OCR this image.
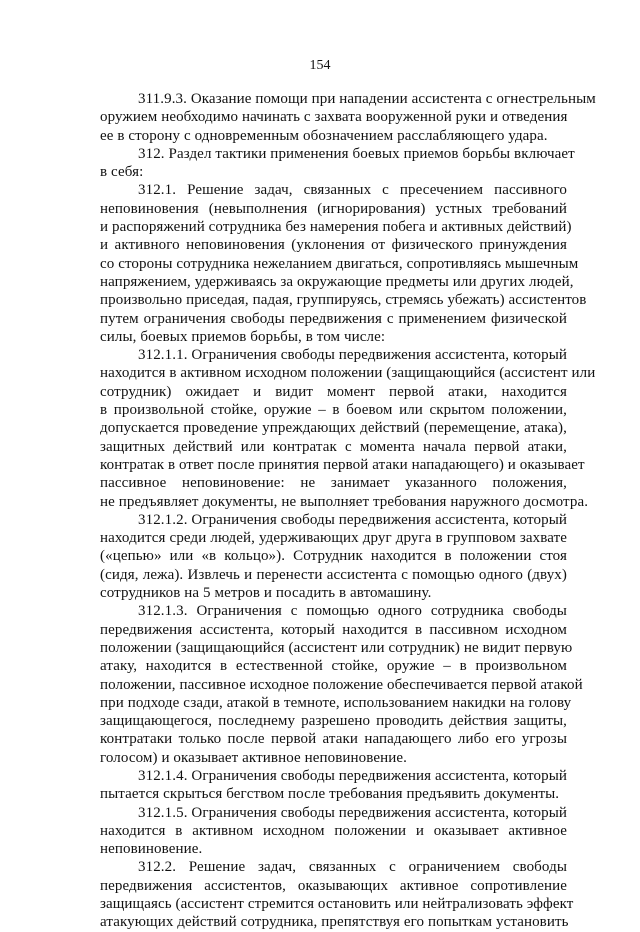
154

311.9.3. Оказание помощи при нападении ассистента с огнестрельным
оружием необходимо начинать с захвата вооруженной руки и отведения
ее в сторону с одновременным обозначением расслабляющего удара.

312. Раздел тактики применения боевых приемов борьбы включает
в себя:

312.1. Решение задач, связанных с пресечением пассивного
неповиновения (невыполнения (игнорирования) устных требований
и распоряжений сотрудника без намерения побега и активных действий)
и активного неповиновения (уклонения от физического принуждения
со стороны сотрудника нежеланием двигаться, сопротивляясь мышечным
напряжением, удерживаясь за окружающие предметы или других людей,
произвольно приседая, падая, группируясь, стремясь убежать) ассистентов
путем ограничения свободы передвижения с применением физической
силы, боевых приемов борьбы, в том числе:

312.1.1. Ограничения свободы передвижения ассистента, который
находится в активном исходном положении (защищающийся (ассистент или
сотрудник) ожидает и видит момент первой атаки, находится
в произвольной стойке, оружие – в боевом или скрытом положении,
допускается проведение упреждающих действий (перемещение, атака),
защитных действий или контратак с момента начала первой атаки,
контратак в ответ после принятия первой атаки нападающего) и оказывает
пассивное неповиновение: не занимает указанного положения,
не предъявляет документы, не выполняет требования наружного досмотра.

312.1.2. Ограничения свободы передвижения ассистента, который
находится среди людей, удерживающих друг друга в групповом захвате
(«цепью» или «в кольцо»). Сотрудник находится в положении стоя
(сидя, лежа). Извлечь и перенести ассистента с помощью одного (двух)
сотрудников на 5 метров и посадить в автомашину.

312.1.3. Ограничения с помощью одного сотрудника свободы
передвижения ассистента, который находится в пассивном исходном
положении (защищающийся (ассистент или сотрудник) не видит первую
атаку, находится в естественной стойке, оружие – в произвольном
положении, пассивное исходное положение обеспечивается первой атакой
при подходе сзади, атакой в темноте, использованием накидки на голову
защищающегося, последнему разрешено проводить действия защиты,
контратаки только после первой атаки нападающего либо его угрозы
голосом) и оказывает активное неповиновение.

312.1.4. Ограничения свободы передвижения ассистента, который
пытается скрыться бегством после требования предъявить документы.

312.1.5. Ограничения свободы передвижения ассистента, который
находится в активном исходном положении и оказывает активное
неповиновение.

312.2. Решение задач, связанных с ограничением свободы
передвижения ассистентов, оказывающих активное сопротивление
защищаясь (ассистент стремится остановить или нейтрализовать эффект
атакующих действий сотрудника, препятствуя его попыткам установить
